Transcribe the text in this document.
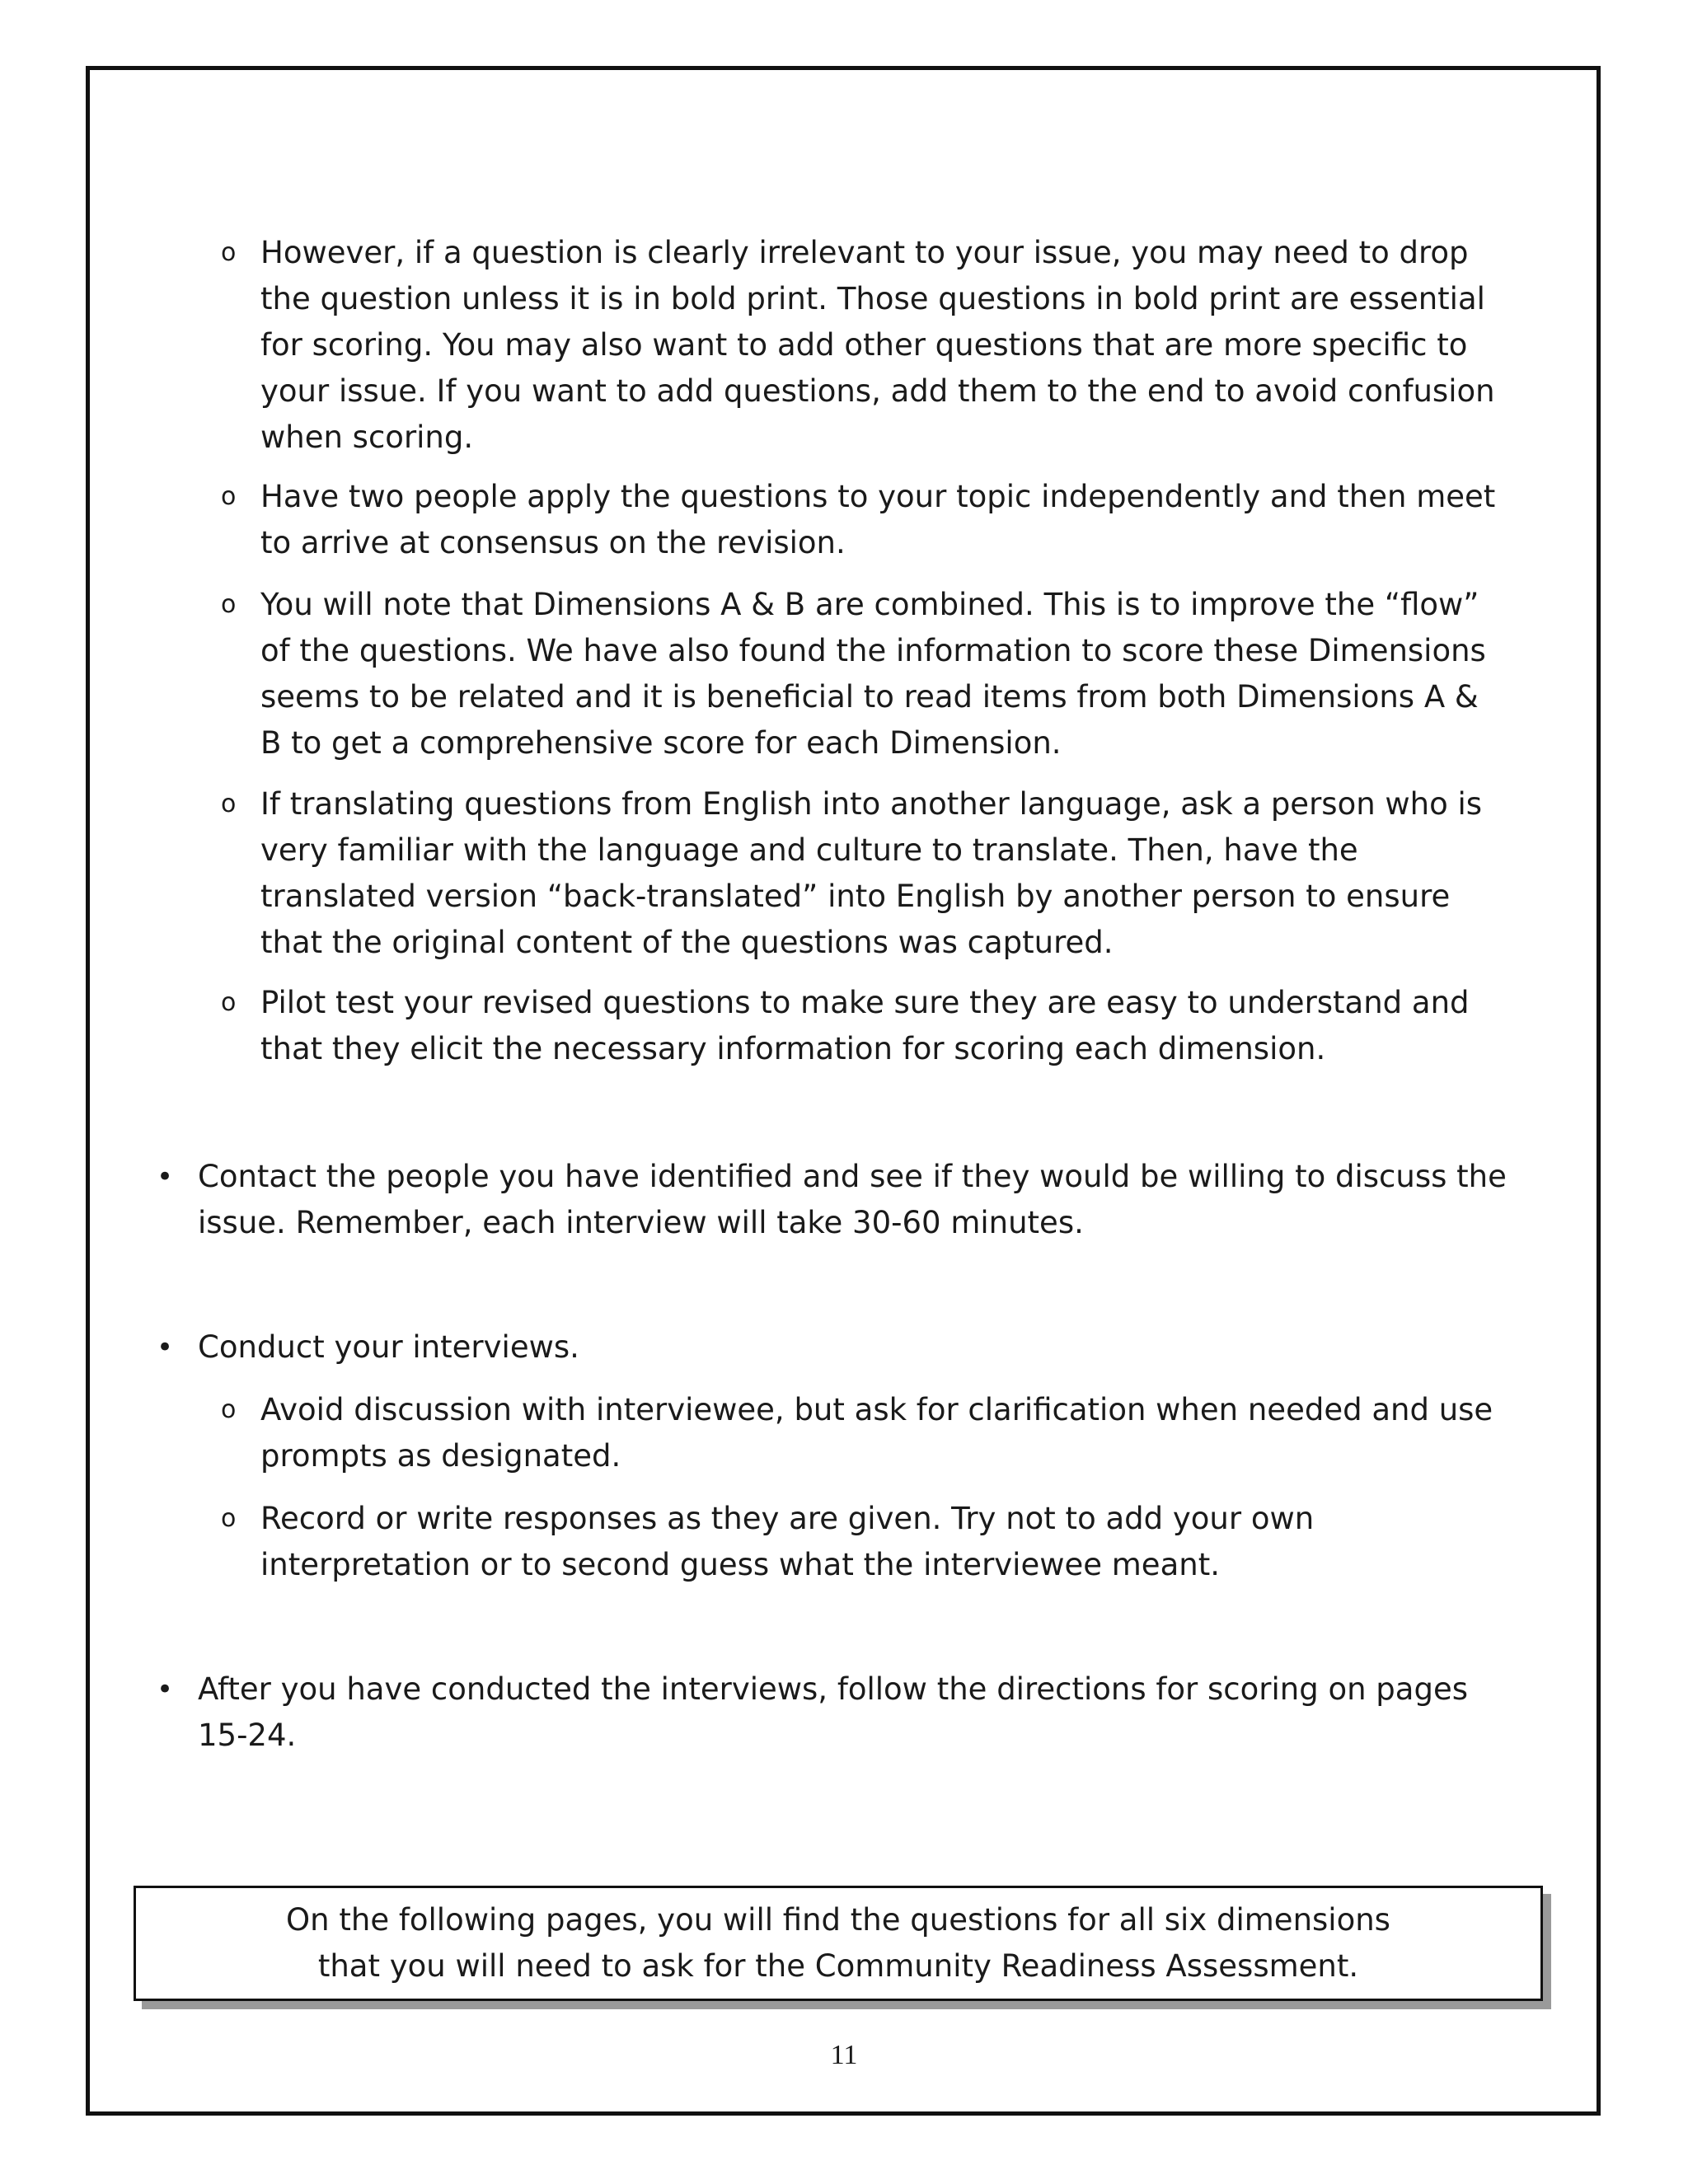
o However, if a question is clearly irrelevant to your issue, you may need to drop the question unless it is in bold print. Those questions in bold print are essential for scoring. You may also want to add other questions that are more specific to your issue. If you want to add questions, add them to the end to avoid confusion when scoring.
o Have two people apply the questions to your topic independently and then meet to arrive at consensus on the revision.
o You will note that Dimensions A & B are combined. This is to improve the “flow” of the questions. We have also found the information to score these Dimensions seems to be related and it is beneficial to read items from both Dimensions A & B to get a comprehensive score for each Dimension.
o If translating questions from English into another language, ask a person who is very familiar with the language and culture to translate. Then, have the translated version “back-translated” into English by another person to ensure that the original content of the questions was captured.
o Pilot test your revised questions to make sure they are easy to understand and that they elicit the necessary information for scoring each dimension.
• Contact the people you have identified and see if they would be willing to discuss the issue. Remember, each interview will take 30-60 minutes.
• Conduct your interviews.
o Avoid discussion with interviewee, but ask for clarification when needed and use prompts as designated.
o Record or write responses as they are given. Try not to add your own interpretation or to second guess what the interviewee meant.
• After you have conducted the interviews, follow the directions for scoring on pages 15-24.
On the following pages, you will find the questions for all six dimensions
that you will need to ask for the Community Readiness Assessment.
11
